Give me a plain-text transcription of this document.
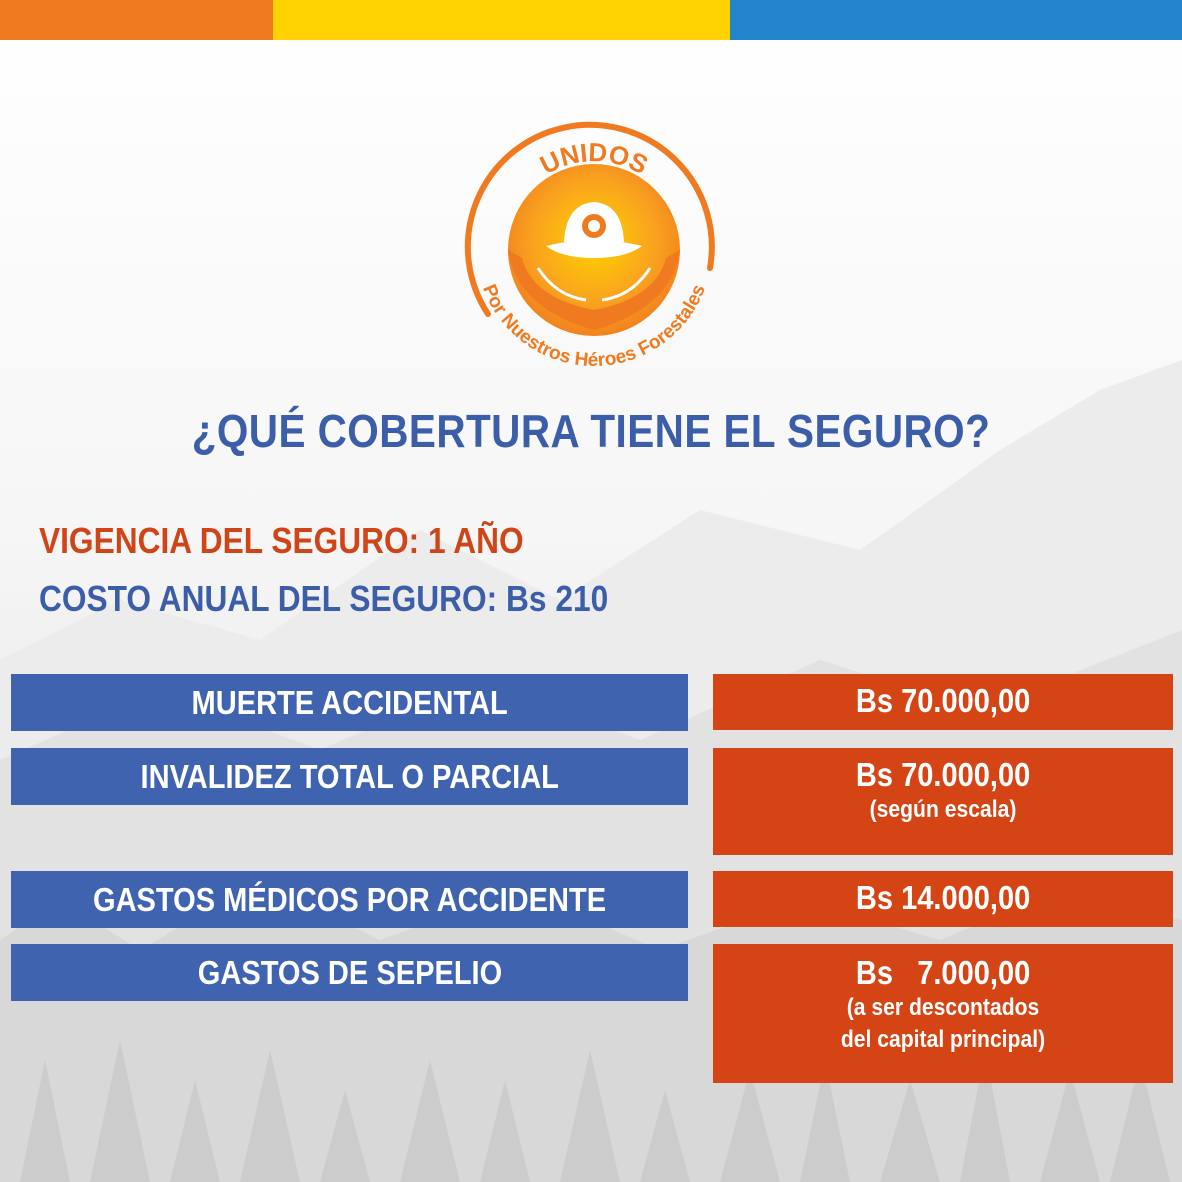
UNIDOS
Por Nuestros Héroes Forestales
¿QUÉ COBERTURA TIENE EL SEGURO?
VIGENCIA DEL SEGURO: 1 AÑO
COSTO ANUAL DEL SEGURO: Bs 210
MUERTE ACCIDENTAL	Bs 70.000,00
INVALIDEZ TOTAL O PARCIAL	Bs 70.000,00
(según escala)
GASTOS MÉDICOS POR ACCIDENTE	Bs 14.000,00
GASTOS DE SEPELIO	Bs   7.000,00
(a ser descontados
del capital principal)
